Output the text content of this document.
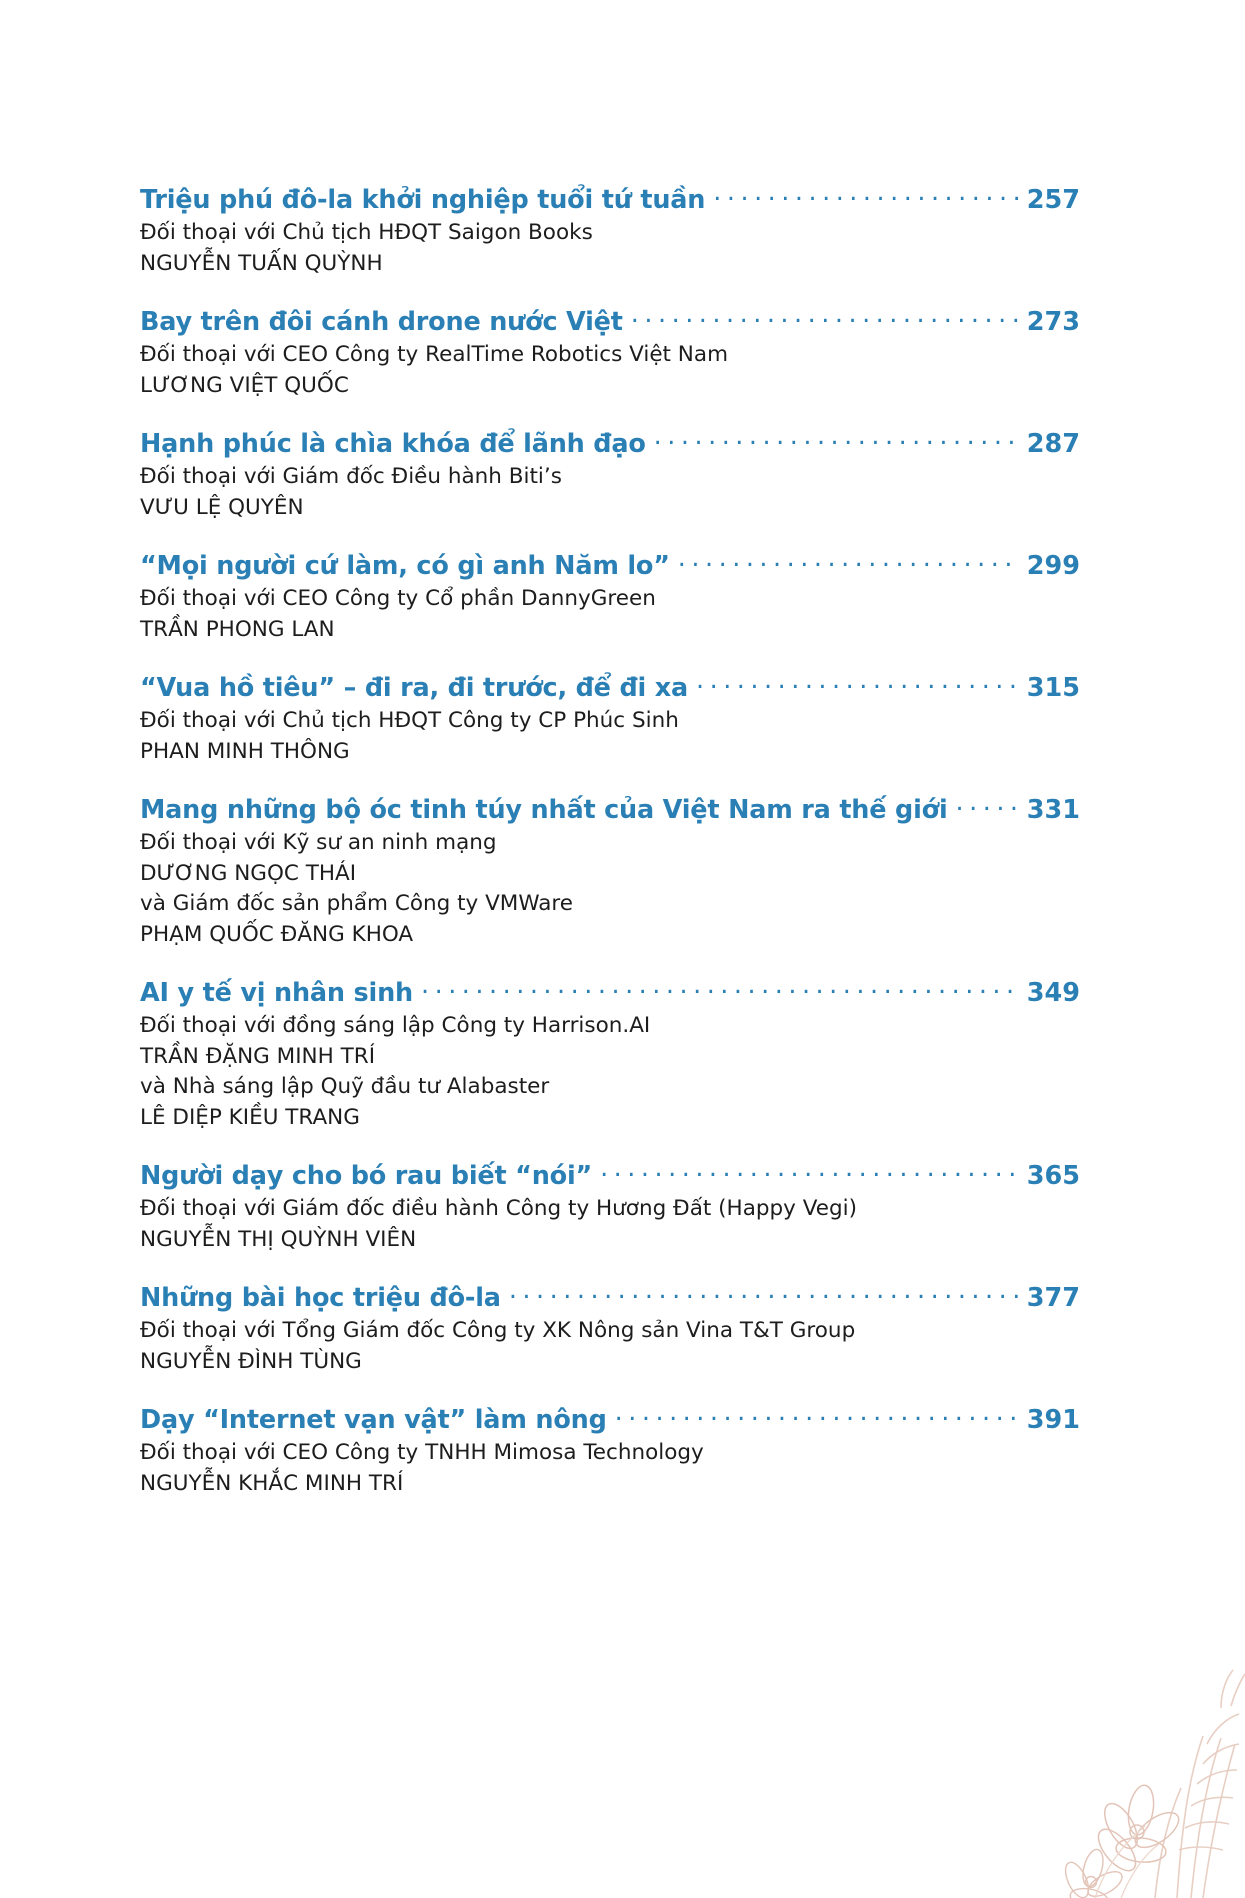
Triệu phú đô-la khởi nghiệp tuổi tứ tuần .....	257
Đối thoại với Chủ tịch HĐQT Saigon Books
NGUYỄN TUẤN QUỲNH
Bay trên đôi cánh drone nước Việt .....	273
Đối thoại với CEO Công ty RealTime Robotics Việt Nam
LƯƠNG VIỆT QUỐC
Hạnh phúc là chìa khóa để lãnh đạo .....	287
Đối thoại với Giám đốc Điều hành Biti’s
VƯU LỆ QUYÊN
“Mọi người cứ làm, có gì anh Năm lo” .....	299
Đối thoại với CEO Công ty Cổ phần DannyGreen
TRẦN PHONG LAN
“Vua hồ tiêu” – đi ra, đi trước, để đi xa .....	315
Đối thoại với Chủ tịch HĐQT Công ty CP Phúc Sinh
PHAN MINH THÔNG
Mang những bộ óc tinh túy nhất của Việt Nam ra thế giới .....	331
Đối thoại với Kỹ sư an ninh mạng
DƯƠNG NGỌC THÁI
và Giám đốc sản phẩm Công ty VMWare
PHẠM QUỐC ĐĂNG KHOA
AI y tế vị nhân sinh .....	349
Đối thoại với đồng sáng lập Công ty Harrison.AI
TRẦN ĐẶNG MINH TRÍ
và Nhà sáng lập Quỹ đầu tư Alabaster
LÊ DIỆP KIỀU TRANG
Người dạy cho bó rau biết “nói” .....	365
Đối thoại với Giám đốc điều hành Công ty Hương Đất (Happy Vegi)
NGUYỄN THỊ QUỲNH VIÊN
Những bài học triệu đô-la .....	377
Đối thoại với Tổng Giám đốc Công ty XK Nông sản Vina T&T Group
NGUYỄN ĐÌNH TÙNG
Dạy “Internet vạn vật” làm nông .....	391
Đối thoại với CEO Công ty TNHH Mimosa Technology
NGUYỄN KHẮC MINH TRÍ
